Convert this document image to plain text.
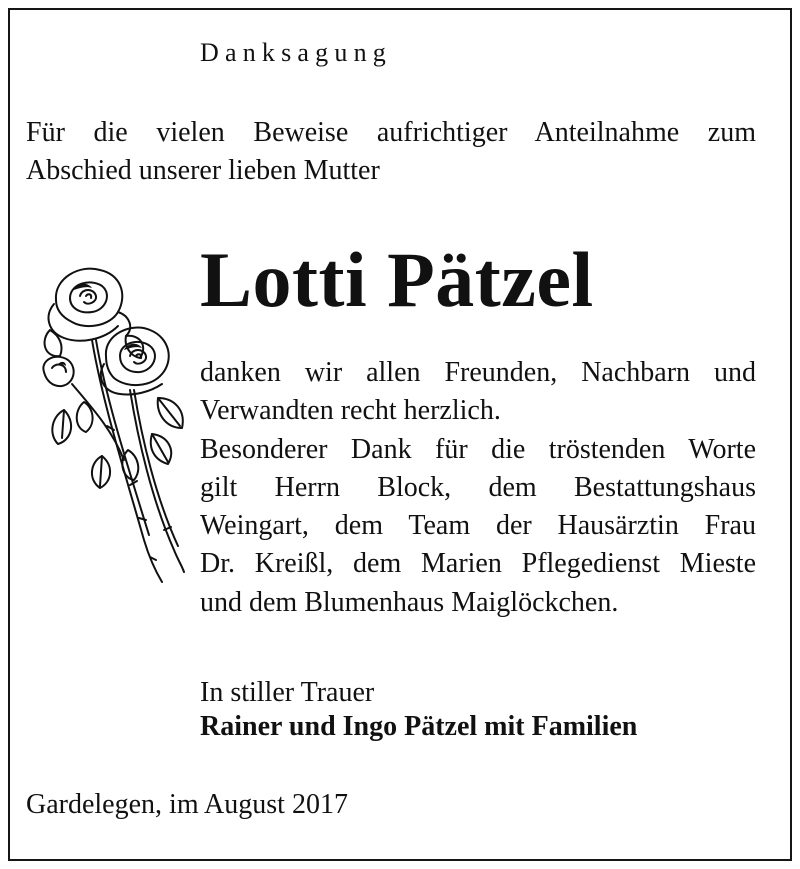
Danksagung
Für die vielen Beweise aufrichtiger Anteilnahme zum
Abschied unserer lieben Mutter
Lotti Pätzel
danken wir allen Freunden, Nachbarn und
Verwandten recht herzlich.
Besonderer Dank für die tröstenden Worte
gilt Herrn Block, dem Bestattungshaus
Weingart, dem Team der Hausärztin Frau
Dr. Kreißl, dem Marien Pflegedienst Mieste
und dem Blumenhaus Maiglöckchen.
In stiller Trauer
Rainer und Ingo Pätzel mit Familien
Gardelegen, im August 2017
